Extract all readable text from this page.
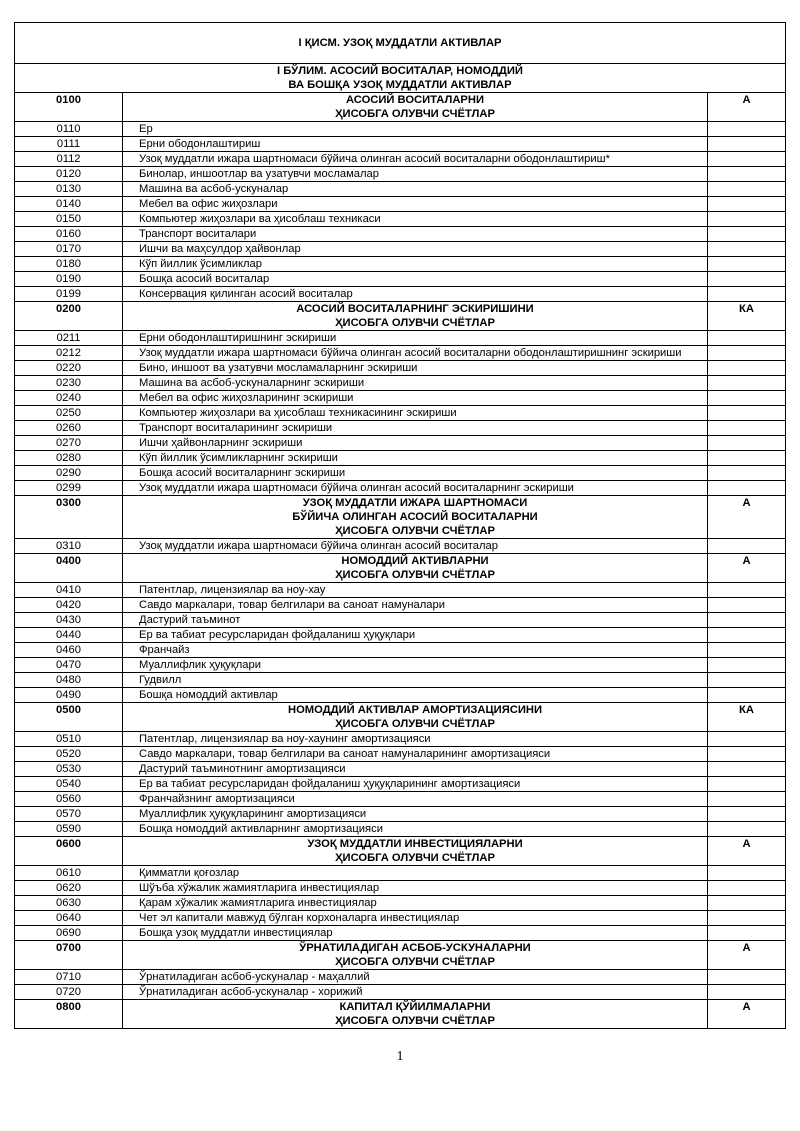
I ҚИСМ. УЗОҚ МУДДАТЛИ АКТИВЛАР		

I БЎЛИМ. АСОСИЙ ВОСИТАЛАР, НОМОДДИЙ
ВА БОШҚА УЗОҚ МУДДАТЛИ АКТИВЛАР		

0100	АСОСИЙ ВОСИТАЛАРНИ
ҲИСОБГА ОЛУВЧИ СЧЁТЛАР	А
0110	Ер	
0111	Ерни ободонлаштириш	
0112	Узоқ муддатли ижара шартномаси бўйича олинган асосий воситаларни ободонлаштириш*	
0120	Бинолар, иншоотлар ва узатувчи мосламалар	
0130	Машина ва асбоб-ускуналар	
0140	Мебел ва офис жиҳозлари	
0150	Компьютер жиҳозлари ва ҳисоблаш техникаси	
0160	Транспорт воситалари	
0170	Ишчи ва маҳсулдор ҳайвонлар	
0180	Кўп йиллик ўсимликлар	
0190	Бошқа асосий воситалар	
0199	Консервация қилинган асосий воситалар	
0200	АСОСИЙ ВОСИТАЛАРНИНГ ЭСКИРИШИНИ
ҲИСОБГА ОЛУВЧИ СЧЁТЛАР	КА
0211	Ерни ободонлаштиришнинг эскириши	
0212	Узоқ муддатли ижара шартномаси бўйича олинган асосий воситаларни ободонлаштиришнинг эскириши	
0220	Бино, иншоот ва узатувчи мосламаларнинг эскириши	
0230	Машина ва асбоб-ускуналарнинг эскириши	
0240	Мебел ва офис жиҳозларининг эскириши	
0250	Компьютер жиҳозлари ва ҳисоблаш техникасининг эскириши	
0260	Транспорт воситаларининг эскириши	
0270	Ишчи ҳайвонларнинг эскириши	
0280	Кўп йиллик ўсимликларнинг эскириши	
0290	Бошқа асосий воситаларнинг эскириши	
0299	Узоқ муддатли ижара шартномаси бўйича олинган асосий воситаларнинг эскириши	
0300	УЗОҚ МУДДАТЛИ ИЖАРА ШАРТНОМАСИ
БЎЙИЧА ОЛИНГАН АСОСИЙ ВОСИТАЛАРНИ
ҲИСОБГА ОЛУВЧИ СЧЁТЛАР	А
0310	Узоқ муддатли ижара шартномаси бўйича олинган асосий воситалар	
0400	НОМОДДИЙ АКТИВЛАРНИ
ҲИСОБГА ОЛУВЧИ СЧЁТЛАР	А
0410	Патентлар, лицензиялар ва ноу-хау	
0420	Савдо маркалари, товар белгилари ва саноат намуналари	
0430	Дастурий таъминот	
0440	Ер ва табиат ресурсларидан фойдаланиш ҳуқуқлари	
0460	Франчайз	
0470	Муаллифлик ҳуқуқлари	
0480	Гудвилл	
0490	Бошқа номоддий активлар	
0500	НОМОДДИЙ АКТИВЛАР АМОРТИЗАЦИЯСИНИ
ҲИСОБГА ОЛУВЧИ СЧЁТЛАР	КА
0510	Патентлар, лицензиялар ва ноу-хаунинг амортизацияси	
0520	Савдо маркалари, товар белгилари ва саноат намуналарининг амортизацияси	
0530	Дастурий таъминотнинг амортизацияси	
0540	Ер ва табиат ресурсларидан фойдаланиш ҳуқуқларининг амортизацияси	
0560	Франчайзнинг амортизацияси	
0570	Муаллифлик ҳуқуқларининг амортизацияси	
0590	Бошқа номоддий активларнинг амортизацияси	
0600	УЗОҚ МУДДАТЛИ ИНВЕСТИЦИЯЛАРНИ
ҲИСОБГА ОЛУВЧИ СЧЁТЛАР	А
0610	Қимматли қоғозлар	
0620	Шўъба хўжалик жамиятларига инвестициялар	
0630	Қарам хўжалик жамиятларига инвестициялар	
0640	Чет эл капитали мавжуд бўлган корхоналарга инвестициялар	
0690	Бошқа узоқ муддатли инвестициялар	
0700	ЎРНАТИЛАДИГАН АСБОБ-УСКУНАЛАРНИ
ҲИСОБГА ОЛУВЧИ СЧЁТЛАР	А
0710	Ўрнатиладиган асбоб-ускуналар - маҳаллий	
0720	Ўрнатиладиган асбоб-ускуналар - хорижий	
0800	КАПИТАЛ ҚЎЙИЛМАЛАРНИ
ҲИСОБГА ОЛУВЧИ СЧЁТЛАР	А
1
